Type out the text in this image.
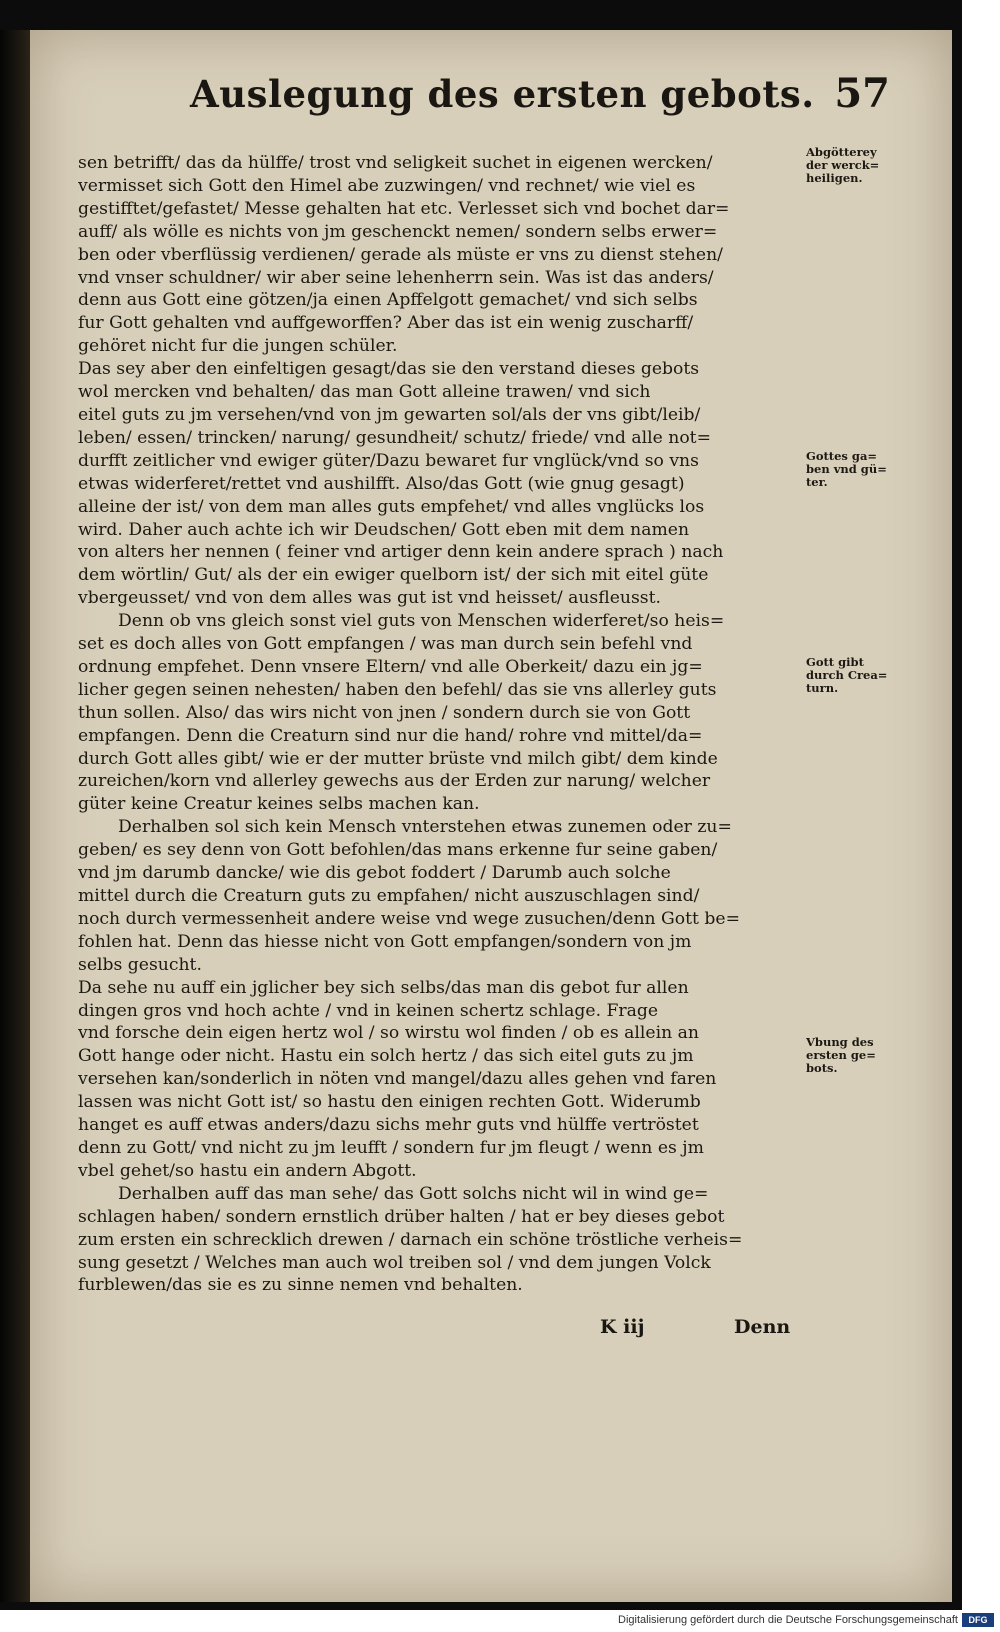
Auslegung des ersten gebots. 57
sen betrifft/ das da hülffe/ trost vnd seligkeit suchet in eigenen wercken/
vermisset sich Gott den Himel abe zuzwingen/ vnd rechnet/ wie viel es
gestifftet/gefastet/ Messe gehalten hat etc. Verlesset sich vnd bochet dar=
auff/ als wölle es nichts von jm geschenckt nemen/ sondern selbs erwer=
ben oder vberflüssig verdienen/ gerade als müste er vns zu dienst stehen/
vnd vnser schuldner/ wir aber seine lehenherrn sein. Was ist das anders/
denn aus Gott eine götzen/ja einen Apffelgott gemachet/ vnd sich selbs
fur Gott gehalten vnd auffgeworffen? Aber das ist ein wenig zuscharff/
gehöret nicht fur die jungen schüler.
Das sey aber den einfeltigen gesagt/das sie den verstand dieses gebots
wol mercken vnd behalten/ das man Gott alleine trawen/ vnd sich
eitel guts zu jm versehen/vnd von jm gewarten sol/als der vns gibt/leib/
leben/ essen/ trincken/ narung/ gesundheit/ schutz/ friede/ vnd alle not=
durfft zeitlicher vnd ewiger güter/Dazu bewaret fur vnglück/vnd so vns
etwas widerferet/rettet vnd aushilfft. Also/das Gott (wie gnug gesagt)
alleine der ist/ von dem man alles guts empfehet/ vnd alles vnglücks los
wird. Daher auch achte ich wir Deudschen/ Gott eben mit dem namen
von alters her nennen ( feiner vnd artiger denn kein andere sprach ) nach
dem wörtlin/ Gut/ als der ein ewiger quelborn ist/ der sich mit eitel güte
vbergeusset/ vnd von dem alles was gut ist vnd heisset/ ausfleusst.
Denn ob vns gleich sonst viel guts von Menschen widerferet/so heis=
set es doch alles von Gott empfangen / was man durch sein befehl vnd
ordnung empfehet. Denn vnsere Eltern/ vnd alle Oberkeit/ dazu ein jg=
licher gegen seinen nehesten/ haben den befehl/ das sie vns allerley guts
thun sollen. Also/ das wirs nicht von jnen / sondern durch sie von Gott
empfangen. Denn die Creaturn sind nur die hand/ rohre vnd mittel/da=
durch Gott alles gibt/ wie er der mutter brüste vnd milch gibt/ dem kinde
zureichen/korn vnd allerley gewechs aus der Erden zur narung/ welcher
güter keine Creatur keines selbs machen kan.
Derhalben sol sich kein Mensch vnterstehen etwas zunemen oder zu=
geben/ es sey denn von Gott befohlen/das mans erkenne fur seine gaben/
vnd jm darumb dancke/ wie dis gebot foddert / Darumb auch solche
mittel durch die Creaturn guts zu empfahen/ nicht auszuschlagen sind/
noch durch vermessenheit andere weise vnd wege zusuchen/denn Gott be=
fohlen hat. Denn das hiesse nicht von Gott empfangen/sondern von jm
selbs gesucht.
Da sehe nu auff ein jglicher bey sich selbs/das man dis gebot fur allen
dingen gros vnd hoch achte / vnd in keinen schertz schlage. Frage
vnd forsche dein eigen hertz wol / so wirstu wol finden / ob es allein an
Gott hange oder nicht. Hastu ein solch hertz / das sich eitel guts zu jm
versehen kan/sonderlich in nöten vnd mangel/dazu alles gehen vnd faren
lassen was nicht Gott ist/ so hastu den einigen rechten Gott. Widerumb
hanget es auff etwas anders/dazu sichs mehr guts vnd hülffe vertröstet
denn zu Gott/ vnd nicht zu jm leufft / sondern fur jm fleugt / wenn es jm
vbel gehet/so hastu ein andern Abgott.
Derhalben auff das man sehe/ das Gott solchs nicht wil in wind ge=
schlagen haben/ sondern ernstlich drüber halten / hat er bey dieses gebot
zum ersten ein schrecklich drewen / darnach ein schöne tröstliche verheis=
sung gesetzt / Welches man auch wol treiben sol / vnd dem jungen Volck
furblewen/das sie es zu sinne nemen vnd behalten.
Abgötterey
der werck=
heiligen.
Gottes ga=
ben vnd gü=
ter.
Gott gibt
durch Crea=
turn.
Vbung des
ersten ge=
bots.
K iij	Denn
Digitalisierung gefördert durch die Deutsche Forschungsgemeinschaft	DFG
